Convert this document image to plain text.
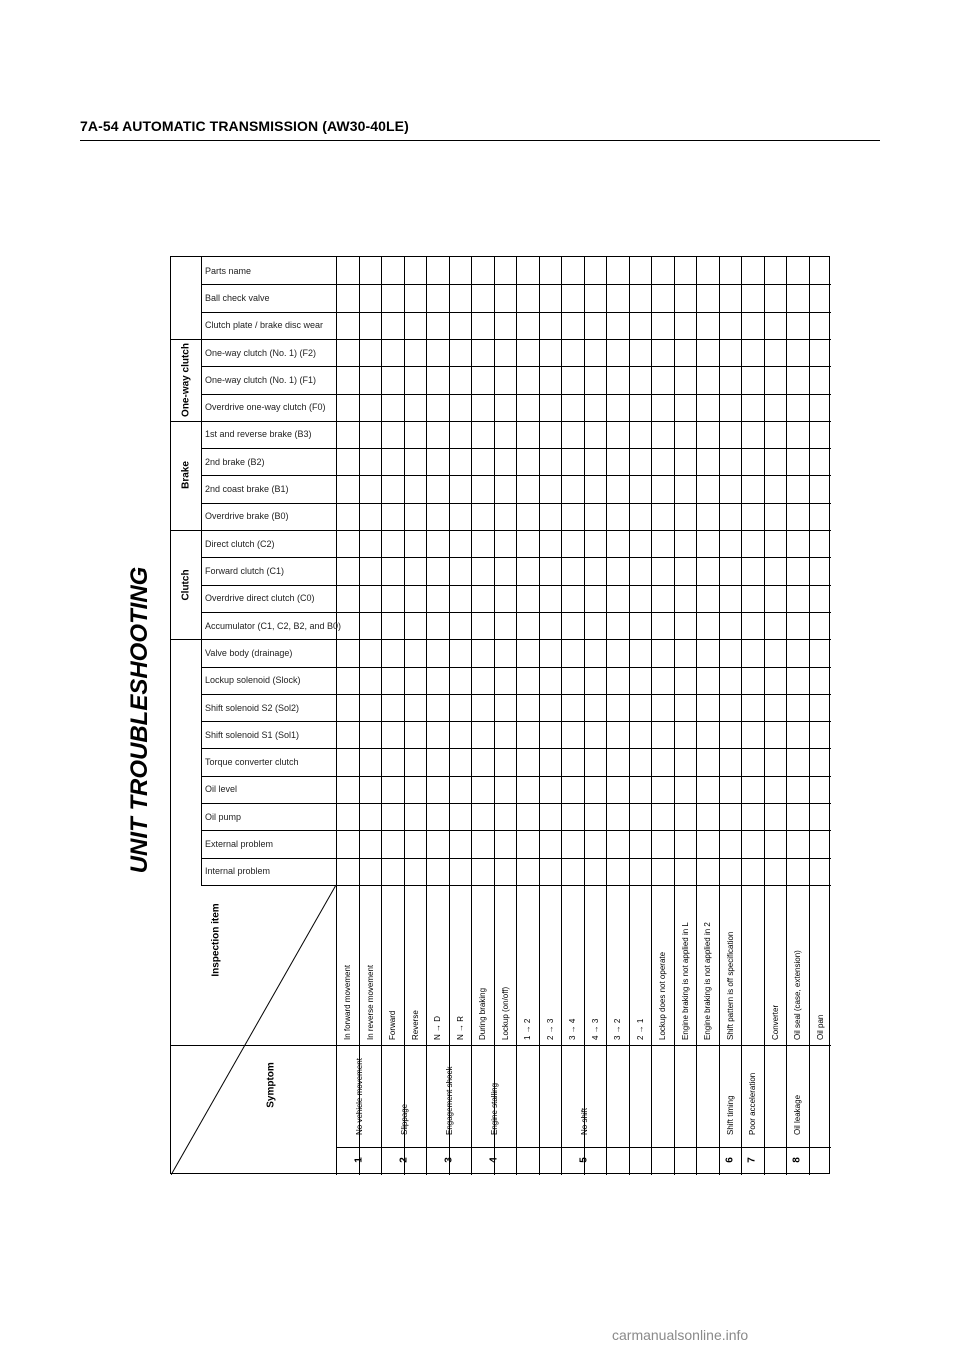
7A-54 AUTOMATIC TRANSMISSION (AW30-40LE)
UNIT TROUBLESHOOTING
Parts name
Ball check valve
Clutch plate / brake disc wear
One-way clutch (No. 1) (F2)
One-way clutch (No. 1) (F1)
Overdrive one-way clutch (F0)
1st and reverse brake (B3)
2nd brake (B2)
2nd coast brake (B1)
Overdrive brake (B0)
Direct clutch (C2)
Forward clutch (C1)
Overdrive direct clutch (C0)
Accumulator (C1, C2, B2, and B0)
Valve body (drainage)
Lockup solenoid (Slock)
Shift solenoid S2 (Sol2)
Shift solenoid S1 (Sol1)
Torque converter clutch
Oil level
Oil pump
External problem
Internal problem
One-way clutch
Brake
Clutch
Inspection item
Symptom
In forward movement In reverse movement Forward Reverse N → D N → R During braking Lockup (on/off) 1 → 2 2 → 3 3 → 4 4 → 3 3 → 2 2 → 1 Lockup does not operate Engine braking is not applied in L Engine braking is not applied in 2 Shift pattern is off specification	Converter Oil seal (case, extension) Oil pan
No vehicle movement
1
Slippage
2
Engagement shock
3
Engine stalling
4
No shift
5
Shift timing
6
Poor acceleration
7
Oil leakage
8
carmanualsonline.info
